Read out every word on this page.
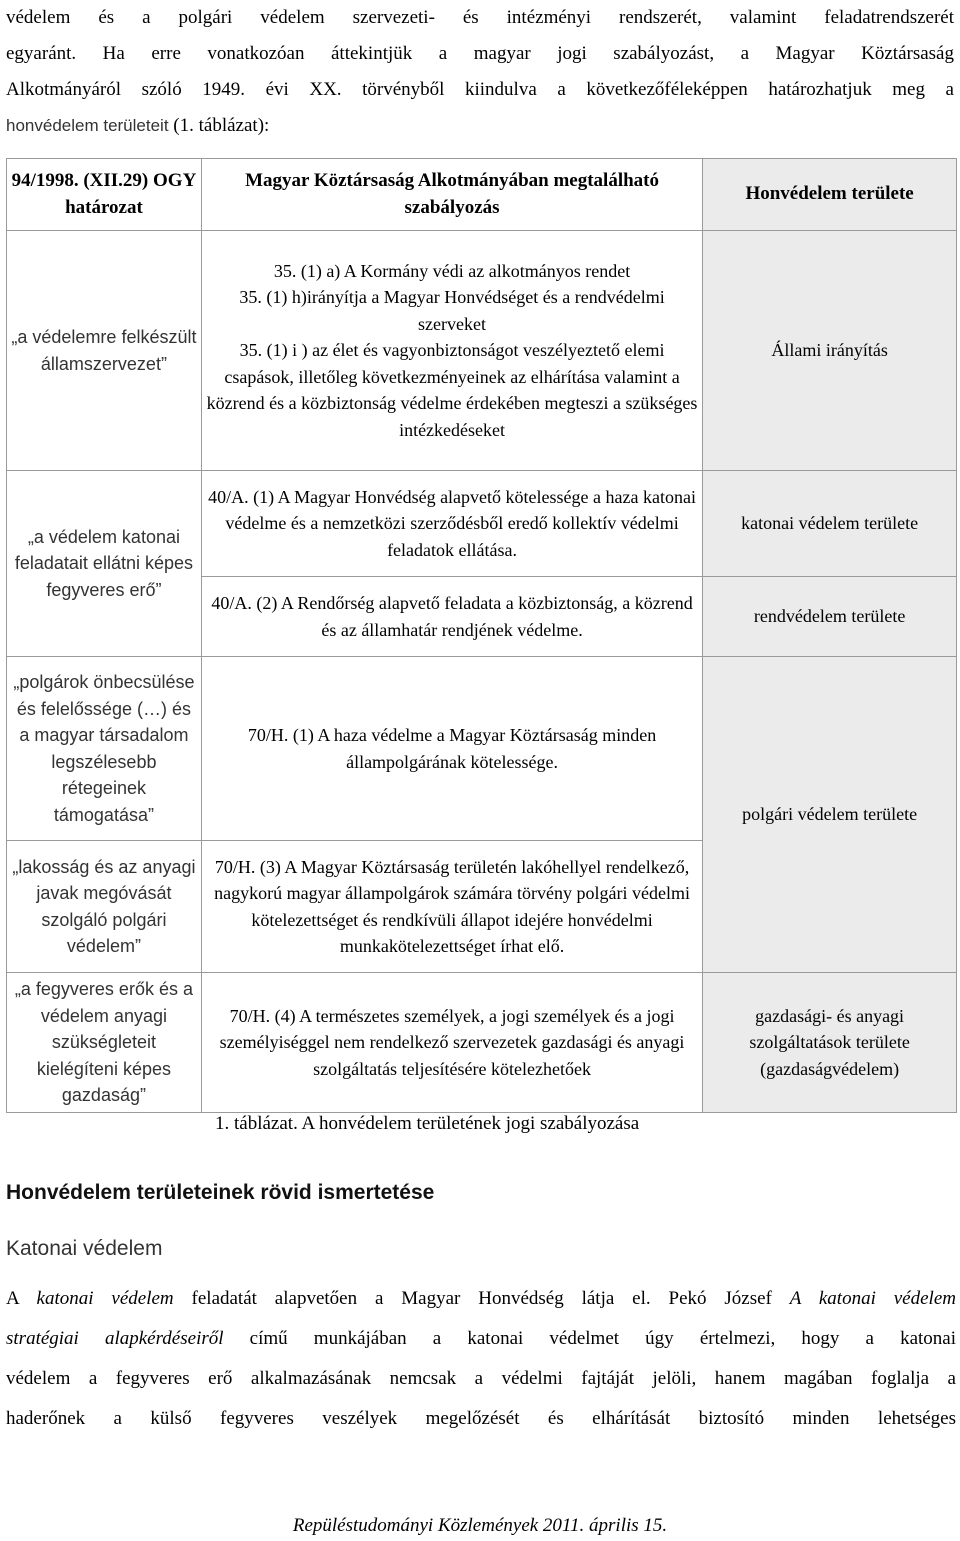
védelem és a polgári védelem szervezeti- és intézményi rendszerét, valamint feladatrendszerét

egyaránt. Ha erre vonatkozóan áttekintjük a magyar jogi szabályozást, a Magyar Köztársaság

Alkotmányáról szóló 1949. évi XX. törvényből kiindulva a következőféleképpen határozhatjuk meg a

honvédelem területeit (1. táblázat):

94/1998. (XII.29) OGY határozat	Magyar Köztársaság Alkotmányában megtalálható szabályozás	Honvédelem területe
„a védelemre felkészült államszervezet”	35. (1) a) A Kormány védi az alkotmányos rendet
35. (1) h)irányítja a Magyar Honvédséget és a rendvédelmi szerveket
35. (1) i ) az élet és vagyonbiztonságot veszélyeztető elemi csapások, illetőleg következményeinek az elhárítása valamint a közrend és a közbiztonság védelme érdekében megteszi a szükséges intézkedéseket	Állami irányítás
„a védelem katonai feladatait ellátni képes fegyveres erő”	40/A. (1) A Magyar Honvédség alapvető kötelessége a haza katonai védelme és a nemzetközi szerződésből eredő kollektív védelmi feladatok ellátása.	katonai védelem területe
	40/A. (2) A Rendőrség alapvető feladata a közbiztonság, a közrend és az államhatár rendjének védelme.	rendvédelem területe
„polgárok önbecsülése és felelőssége (…) és a magyar társadalom legszélesebb rétegeinek támogatása”	70/H. (1) A haza védelme a Magyar Köztársaság minden állampolgárának kötelessége.	polgári védelem területe
„lakosság és az anyagi javak megóvását szolgáló polgári védelem”	70/H. (3) A Magyar Köztársaság területén lakóhellyel rendelkező, nagykorú magyar állampolgárok számára törvény polgári védelmi kötelezettséget és rendkívüli állapot idejére honvédelmi munkakötelezettséget írhat elő.	
„a fegyveres erők és a védelem anyagi szükségleteit kielégíteni képes gazdaság”	70/H. (4) A természetes személyek, a jogi személyek és a jogi személyiséggel nem rendelkező szervezetek gazdasági és anyagi szolgáltatás teljesítésére kötelezhetőek	gazdasági- és anyagi szolgáltatások területe (gazdaságvédelem)
1. táblázat. A honvédelem területének jogi szabályozása
Honvédelem területeinek rövid ismertetése
Katonai védelem

A katonai védelem feladatát alapvetően a Magyar Honvédség látja el. Pekó József A katonai védelem

stratégiai alapkérdéseiről című munkájában a katonai védelmet úgy értelmezi, hogy a katonai

védelem a fegyveres erő alkalmazásának nemcsak a védelmi fajtáját jelöli, hanem magában foglalja a

haderőnek a külső fegyveres veszélyek megelőzését és elhárítását biztosító minden lehetséges

Repüléstudományi Közlemények 2011. április 15.
